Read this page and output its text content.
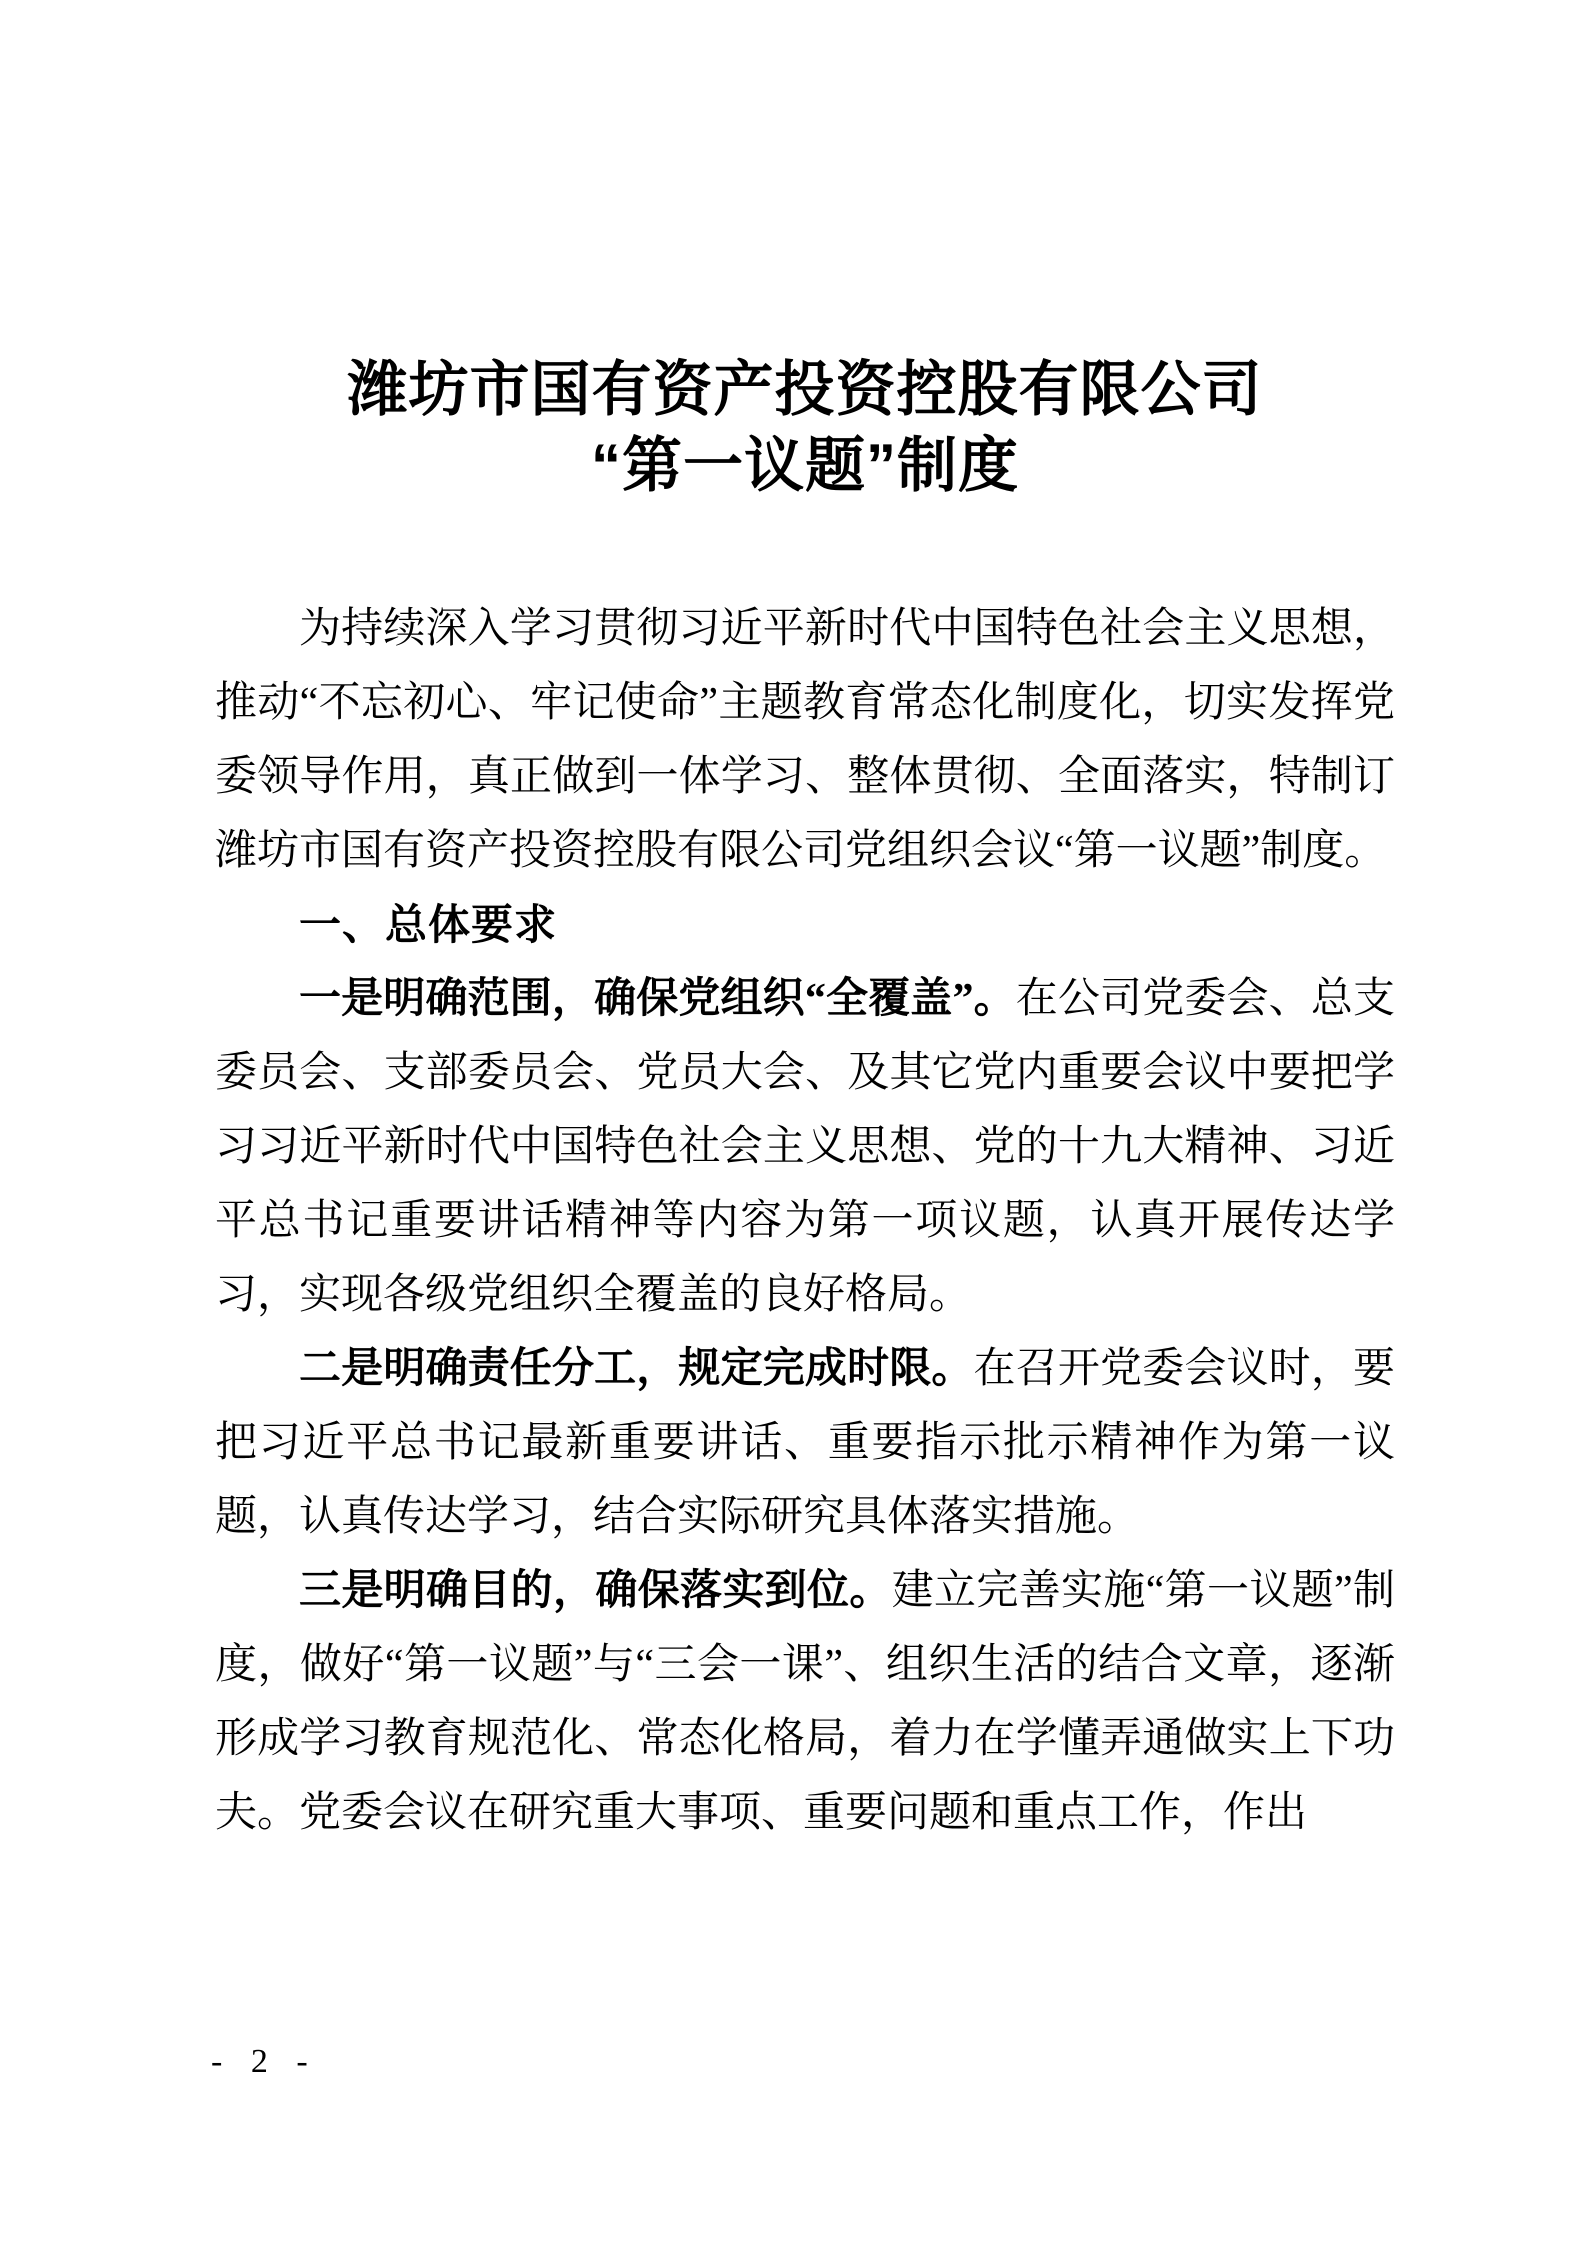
潍坊市国有资产投资控股有限公司
“第一议题”制度

为持续深入学习贯彻习近平新时代中国特色社会主义思想，推动“不忘初心、牢记使命”主题教育常态化制度化，切实发挥党委领导作用，真正做到一体学习、整体贯彻、全面落实，特制订潍坊市国有资产投资控股有限公司党组织会议“第一议题”制度。

一、总体要求

一是明确范围，确保党组织“全覆盖”。在公司党委会、总支委员会、支部委员会、党员大会、及其它党内重要会议中要把学习习近平新时代中国特色社会主义思想、党的十九大精神、习近平总书记重要讲话精神等内容为第一项议题，认真开展传达学习，实现各级党组织全覆盖的良好格局。

二是明确责任分工，规定完成时限。在召开党委会议时，要把习近平总书记最新重要讲话、重要指示批示精神作为第一议题，认真传达学习，结合实际研究具体落实措施。

三是明确目的，确保落实到位。建立完善实施“第一议题”制度，做好“第一议题”与“三会一课”、组织生活的结合文章，逐渐形成学习教育规范化、常态化格局，着力在学懂弄通做实上下功夫。党委会议在研究重大事项、重要问题和重点工作，作出

- 2 -
